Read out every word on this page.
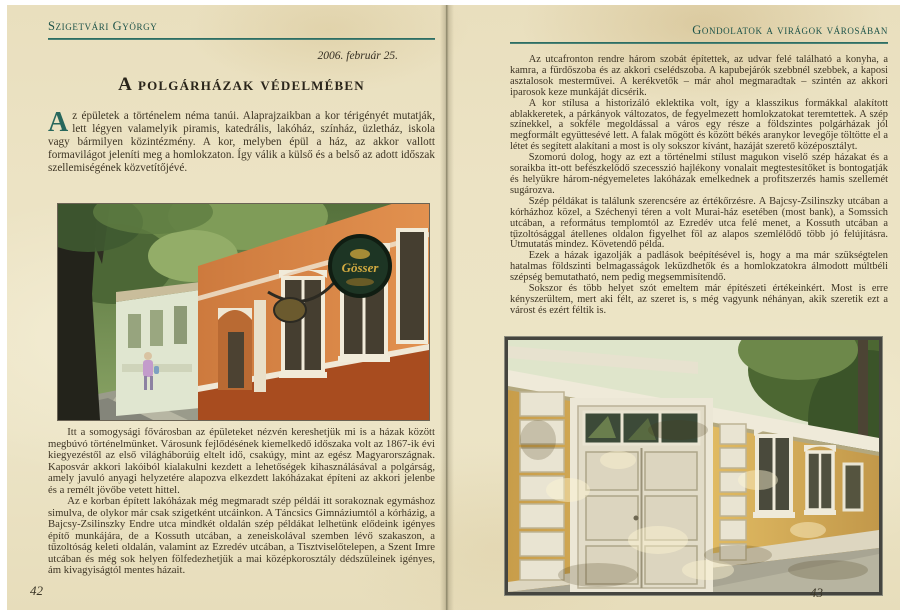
Szigetvári György
2006. február 25.
A polgárházak védelmében
Az épületek a történelem néma tanúi. Alaprajzaikban a kor térigényét mutatják, lett légyen valamelyik piramis, katedrális, lakóház, színház, üzletház, iskola vagy bármilyen közintézmény. A kor, melyben épül a ház, az akkor vallott formavilágot jeleníti meg a homlokzaton. Így válik a külső és a belső az adott időszak szellemiségének közvetítőjévé.
Gösser

Itt a somogysági fővárosban az épületeket nézvén kereshetjük mi is a házak között megbúvó történelmünket. Városunk fejlődésének kiemelkedő időszaka volt az 1867-ik évi kiegyezéstől az első világháborúig eltelt idő, csakúgy, mint az egész Magyarországnak. Kaposvár akkori lakóiból kialakulni kezdett a lehetőségek kihasználásával a polgárság, amely javuló anyagi helyzetére alapozva elkezdett lakóházakat építeni az akkori jelenbe és a remélt jövőbe vetett hittel.

Az e korban épített lakóházak még megmaradt szép példái itt sorakoznak egymáshoz simulva, de olykor már csak szigetként utcáinkon. A Táncsics Gimnáziumtól a kórházig, a Bajcsy-Zsilinszky Endre utca mindkét oldalán szép példákat lelhetünk elődeink igényes építő munkájára, de a Kossuth utcában, a zeneiskolával szemben lévő szakaszon, a tűzoltóság keleti oldalán, valamint az Ezredév utcában, a Tisztviselőtelepen, a Szent Imre utcában és még sok helyen fölfedezhetjük a mai középkorosztály dédszüleinek igényes, ám kivagyiságtól mentes házait.

42
Gondolatok a virágok városában

Az utcafronton rendre három szobát építettek, az udvar felé található a konyha, a kamra, a fürdőszoba és az akkori cselédszoba. A kapubejárók szebbnél szebbek, a kaposi asztalosok mesterművei. A kerékvetők – már ahol megmaradtak – szintén az akkori iparosok keze munkáját dicsérik.

A kor stílusa a historizáló eklektika volt, így a klasszikus formákkal alakított ablakkeretek, a párkányok változatos, de fegyelmezett homlokzatokat teremtettek. A szép színekkel, a sokféle megoldással a város egy része a földszintes polgárházak jól megformált együttesévé lett. A falak mögött és között békés aranykor levegője töltötte el a létet és segített alakítani a most is oly sokszor kívánt, hazáját szerető középosztályt.

Szomorú dolog, hogy az ezt a történelmi stílust magukon viselő szép házakat és a soraikba itt-ott befészkelődő szecesszió hajlékony vonalait megtestesítőket is bontogatják és helyükre három-négyemeletes lakóházak emelkednek a profitszerzés hamis szellemét sugározva.

Szép példákat is találunk szerencsére az értékőrzésre. A Bajcsy-Zsilinszky utcában a kórházhoz közel, a Széchenyi téren a volt Murai-ház esetében (most bank), a Somssich utcában, a református templomtól az Ezredév utca felé menet, a Kossuth utcában a tűzoltósággal átellenes oldalon figyelhet föl az alapos szemlélődő több jó felújításra. Útmutatás mindez. Követendő példa.

Ezek a házak igazolják a padlások beépítésével is, hogy a ma már szükségtelen hatalmas földszinti belmagasságok leküzdhetők és a homlokzatokra álmodott múltbéli szépség bemutatható, nem pedig megsemmisítendő.

Sokszor és több helyet szót emeltem már építészeti értékeinkért. Most is erre kényszerültem, mert aki félt, az szeret is, s még vagyunk néhányan, akik szeretik ezt a várost és ezért féltik is.

43
